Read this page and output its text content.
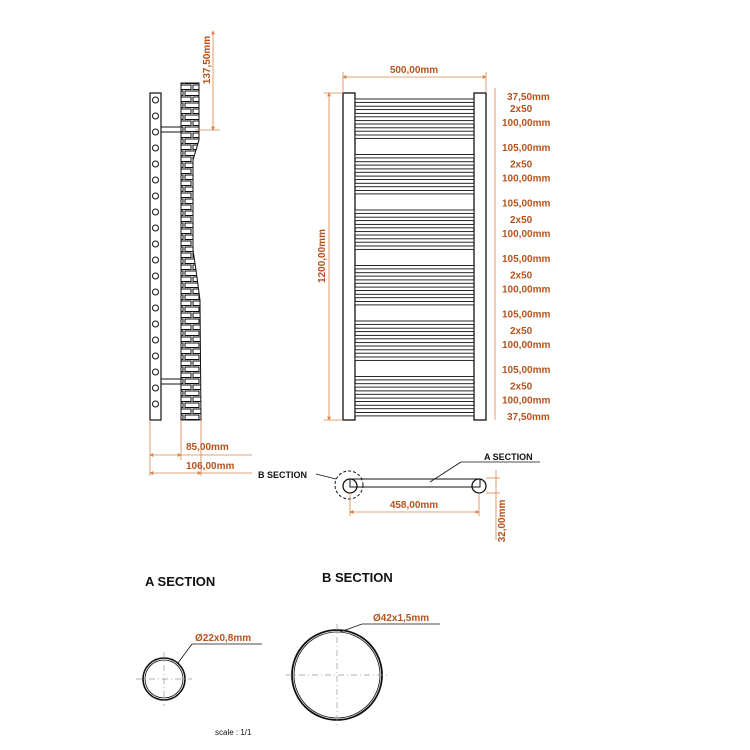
137,50mm
85,00mm
106,00mm
500,00mm
1200,00mm
37,50mm
2x50
100,00mm
105,00mm
2x50
100,00mm
105,00mm
2x50
100,00mm
105,00mm
2x50
100,00mm
105,00mm
2x50
100,00mm
105,00mm
2x50
100,00mm
37,50mm
B SECTION
A SECTION
458,00mm	32,00mm
A SECTION
Ø22x0,8mm
B SECTION
Ø42x1,5mm
scale : 1/1
